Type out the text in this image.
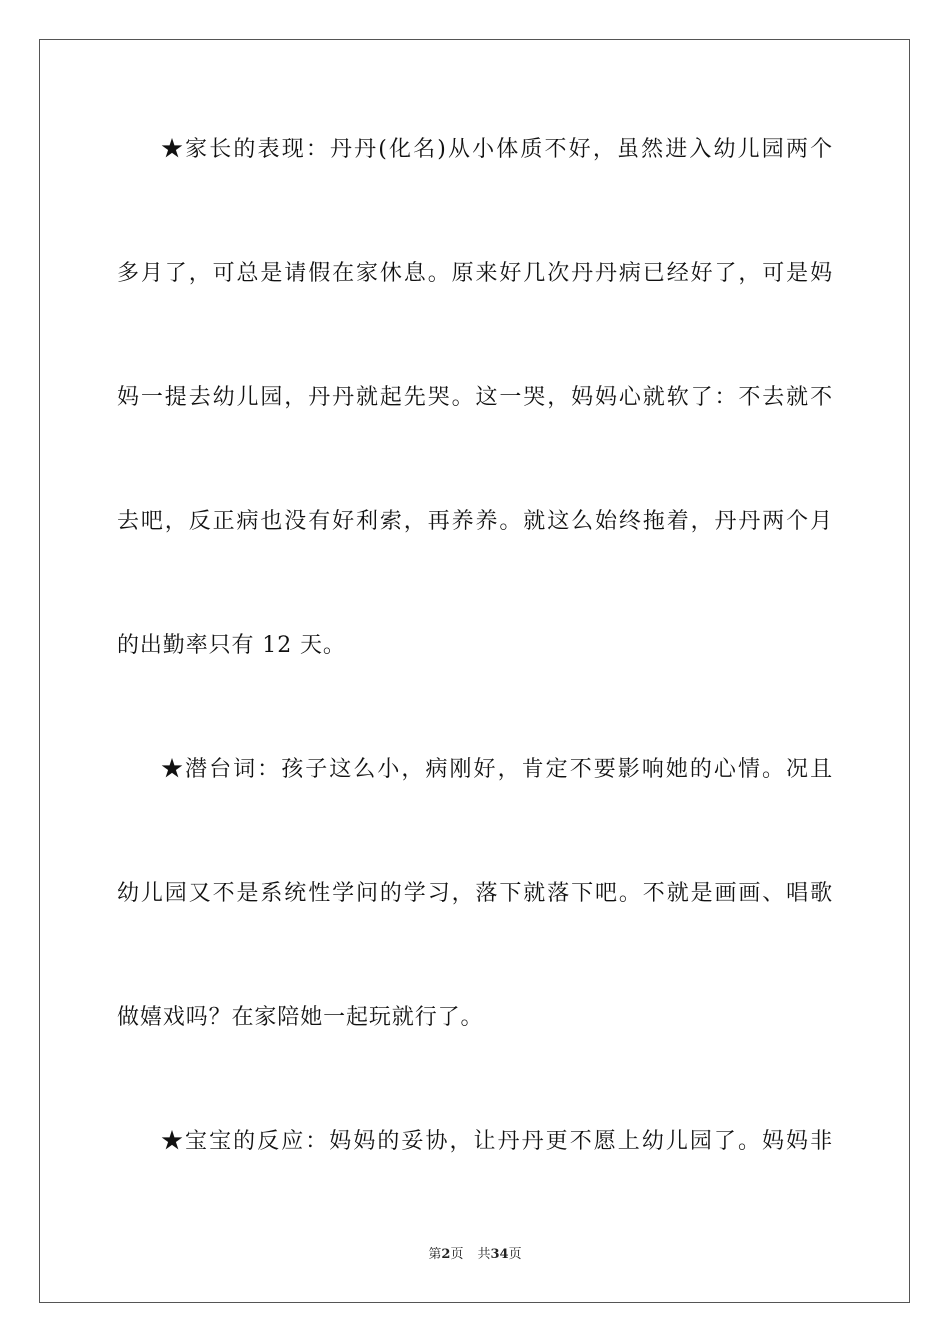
★家长的表现：丹丹(化名)从小体质不好，虽然进入幼儿园两个
多月了，可总是请假在家休息。原来好几次丹丹病已经好了，可是妈
妈一提去幼儿园，丹丹就起先哭。这一哭，妈妈心就软了：不去就不
去吧，反正病也没有好利索，再养养。就这么始终拖着，丹丹两个月
的出勤率只有 12 天。
★潜台词：孩子这么小，病刚好，肯定不要影响她的心情。况且
幼儿园又不是系统性学问的学习，落下就落下吧。不就是画画、唱歌
做嬉戏吗？在家陪她一起玩就行了。
★宝宝的反应：妈妈的妥协，让丹丹更不愿上幼儿园了。妈妈非
第2页 共34页
